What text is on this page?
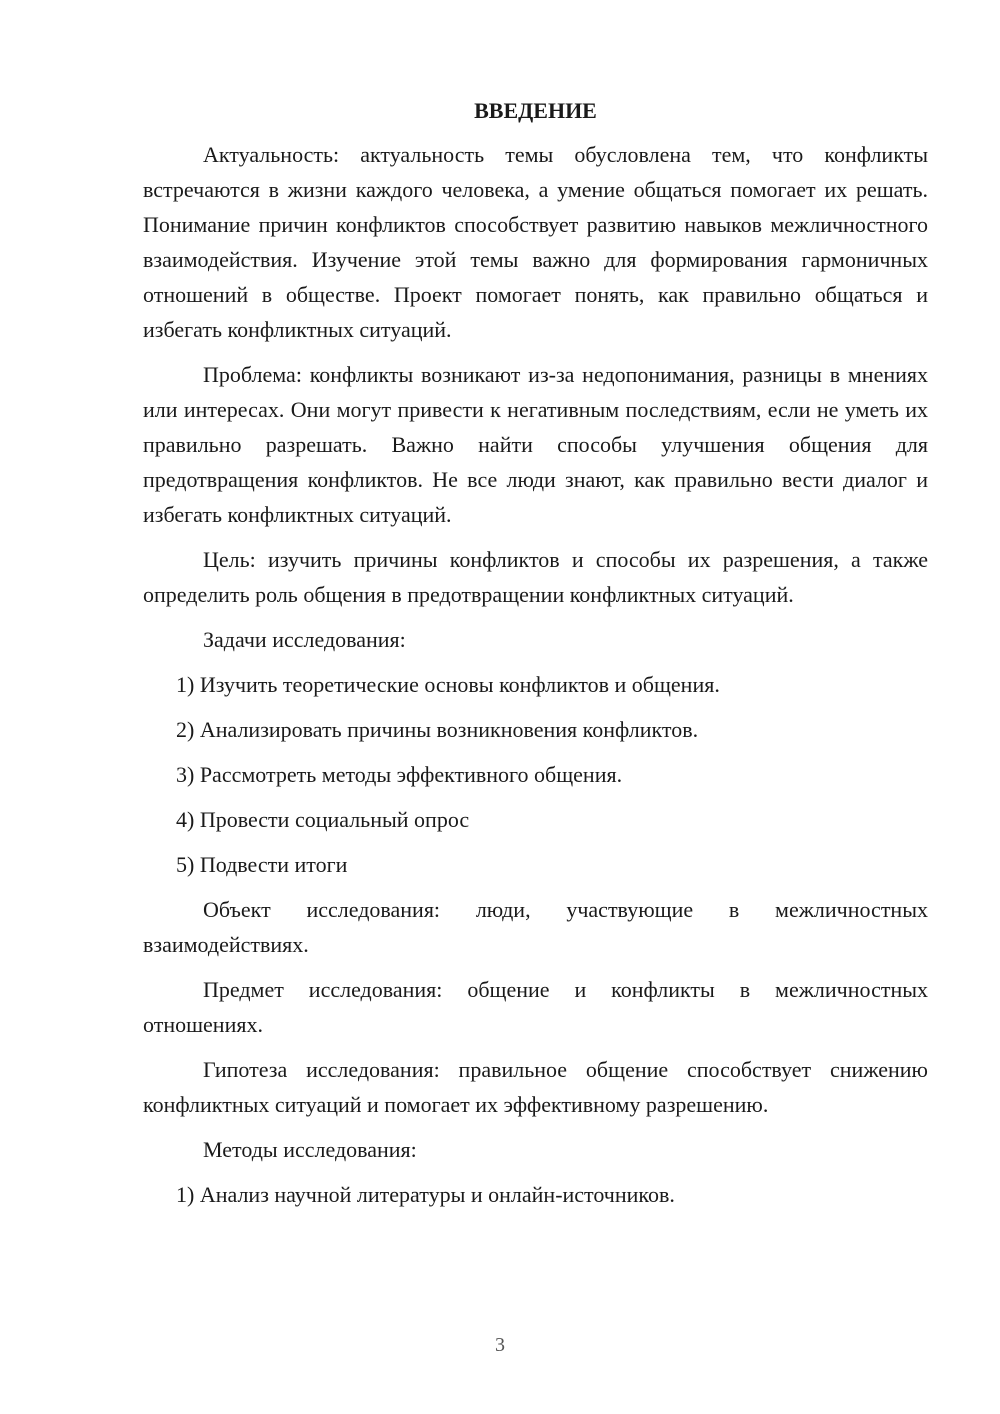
ВВЕДЕНИЕ

Актуальность: актуальность темы обусловлена тем, что конфликты встречаются в жизни каждого человека, а умение общаться помогает их решать. Понимание причин конфликтов способствует развитию навыков межличностного взаимодействия. Изучение этой темы важно для формирования гармоничных отношений в обществе. Проект помогает понять, как правильно общаться и избегать конфликтных ситуаций.

Проблема: конфликты возникают из-за недопонимания, разницы в мнениях или интересах. Они могут привести к негативным последствиям, если не уметь их правильно разрешать. Важно найти способы улучшения общения для предотвращения конфликтов. Не все люди знают, как правильно вести диалог и избегать конфликтных ситуаций.

Цель: изучить причины конфликтов и способы их разрешения, а также определить роль общения в предотвращении конфликтных ситуаций.

Задачи исследования:
1) Изучить теоретические основы конфликтов и общения.
2) Анализировать причины возникновения конфликтов.
3) Рассмотреть методы эффективного общения.
4) Провести социальный опрос
5) Подвести итоги

Объект исследования: люди, участвующие в межличностных взаимодействиях.

Предмет исследования: общение и конфликты в межличностных отношениях.

Гипотеза исследования: правильное общение способствует снижению конфликтных ситуаций и помогает их эффективному разрешению.

Методы исследования:
1) Анализ научной литературы и онлайн-источников.
3
